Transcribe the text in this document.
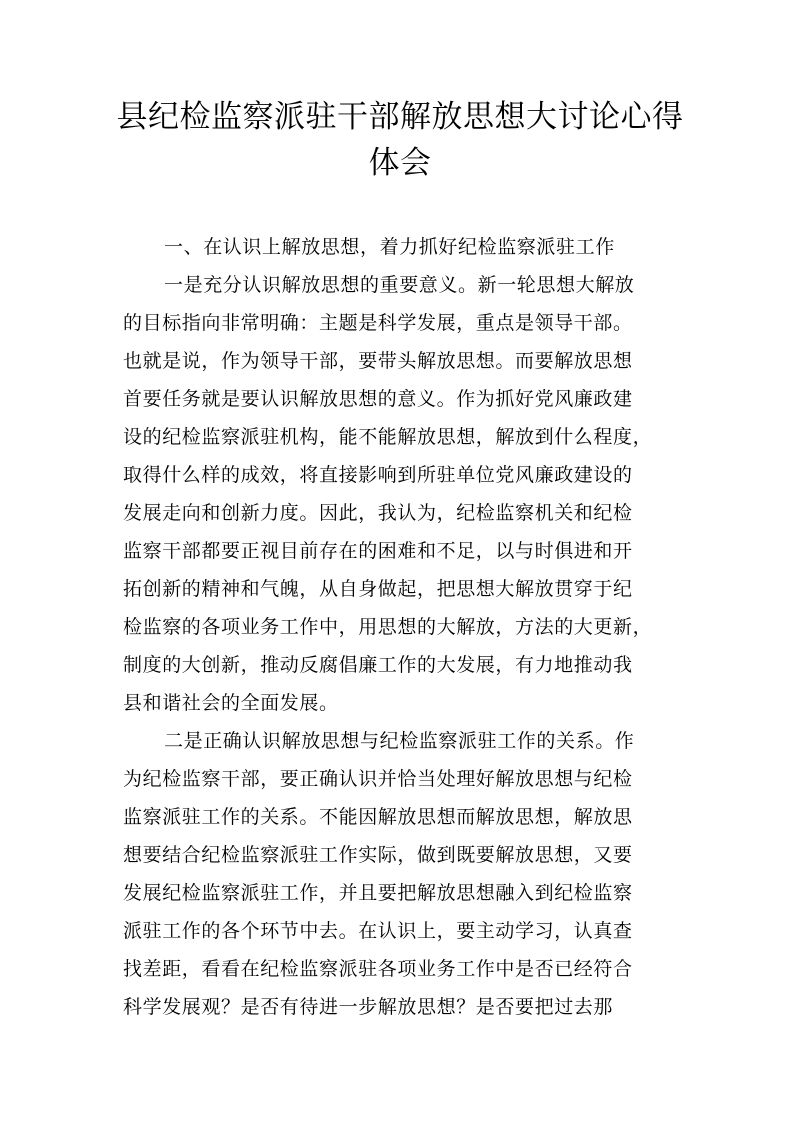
县纪检监察派驻干部解放思想大讨论心得
体会
一、在认识上解放思想，着力抓好纪检监察派驻工作
一是充分认识解放思想的重要意义。新一轮思想大解放
的目标指向非常明确：主题是科学发展，重点是领导干部。
也就是说，作为领导干部，要带头解放思想。而要解放思想
首要任务就是要认识解放思想的意义。作为抓好党风廉政建
设的纪检监察派驻机构，能不能解放思想，解放到什么程度，
取得什么样的成效，将直接影响到所驻单位党风廉政建设的
发展走向和创新力度。因此，我认为，纪检监察机关和纪检
监察干部都要正视目前存在的困难和不足，以与时俱进和开
拓创新的精神和气魄，从自身做起，把思想大解放贯穿于纪
检监察的各项业务工作中，用思想的大解放，方法的大更新，
制度的大创新，推动反腐倡廉工作的大发展，有力地推动我
县和谐社会的全面发展。
二是正确认识解放思想与纪检监察派驻工作的关系。作
为纪检监察干部，要正确认识并恰当处理好解放思想与纪检
监察派驻工作的关系。不能因解放思想而解放思想，解放思
想要结合纪检监察派驻工作实际，做到既要解放思想，又要
发展纪检监察派驻工作，并且要把解放思想融入到纪检监察
派驻工作的各个环节中去。在认识上，要主动学习，认真查
找差距，看看在纪检监察派驻各项业务工作中是否已经符合
科学发展观？是否有待进一步解放思想？是否要把过去那
